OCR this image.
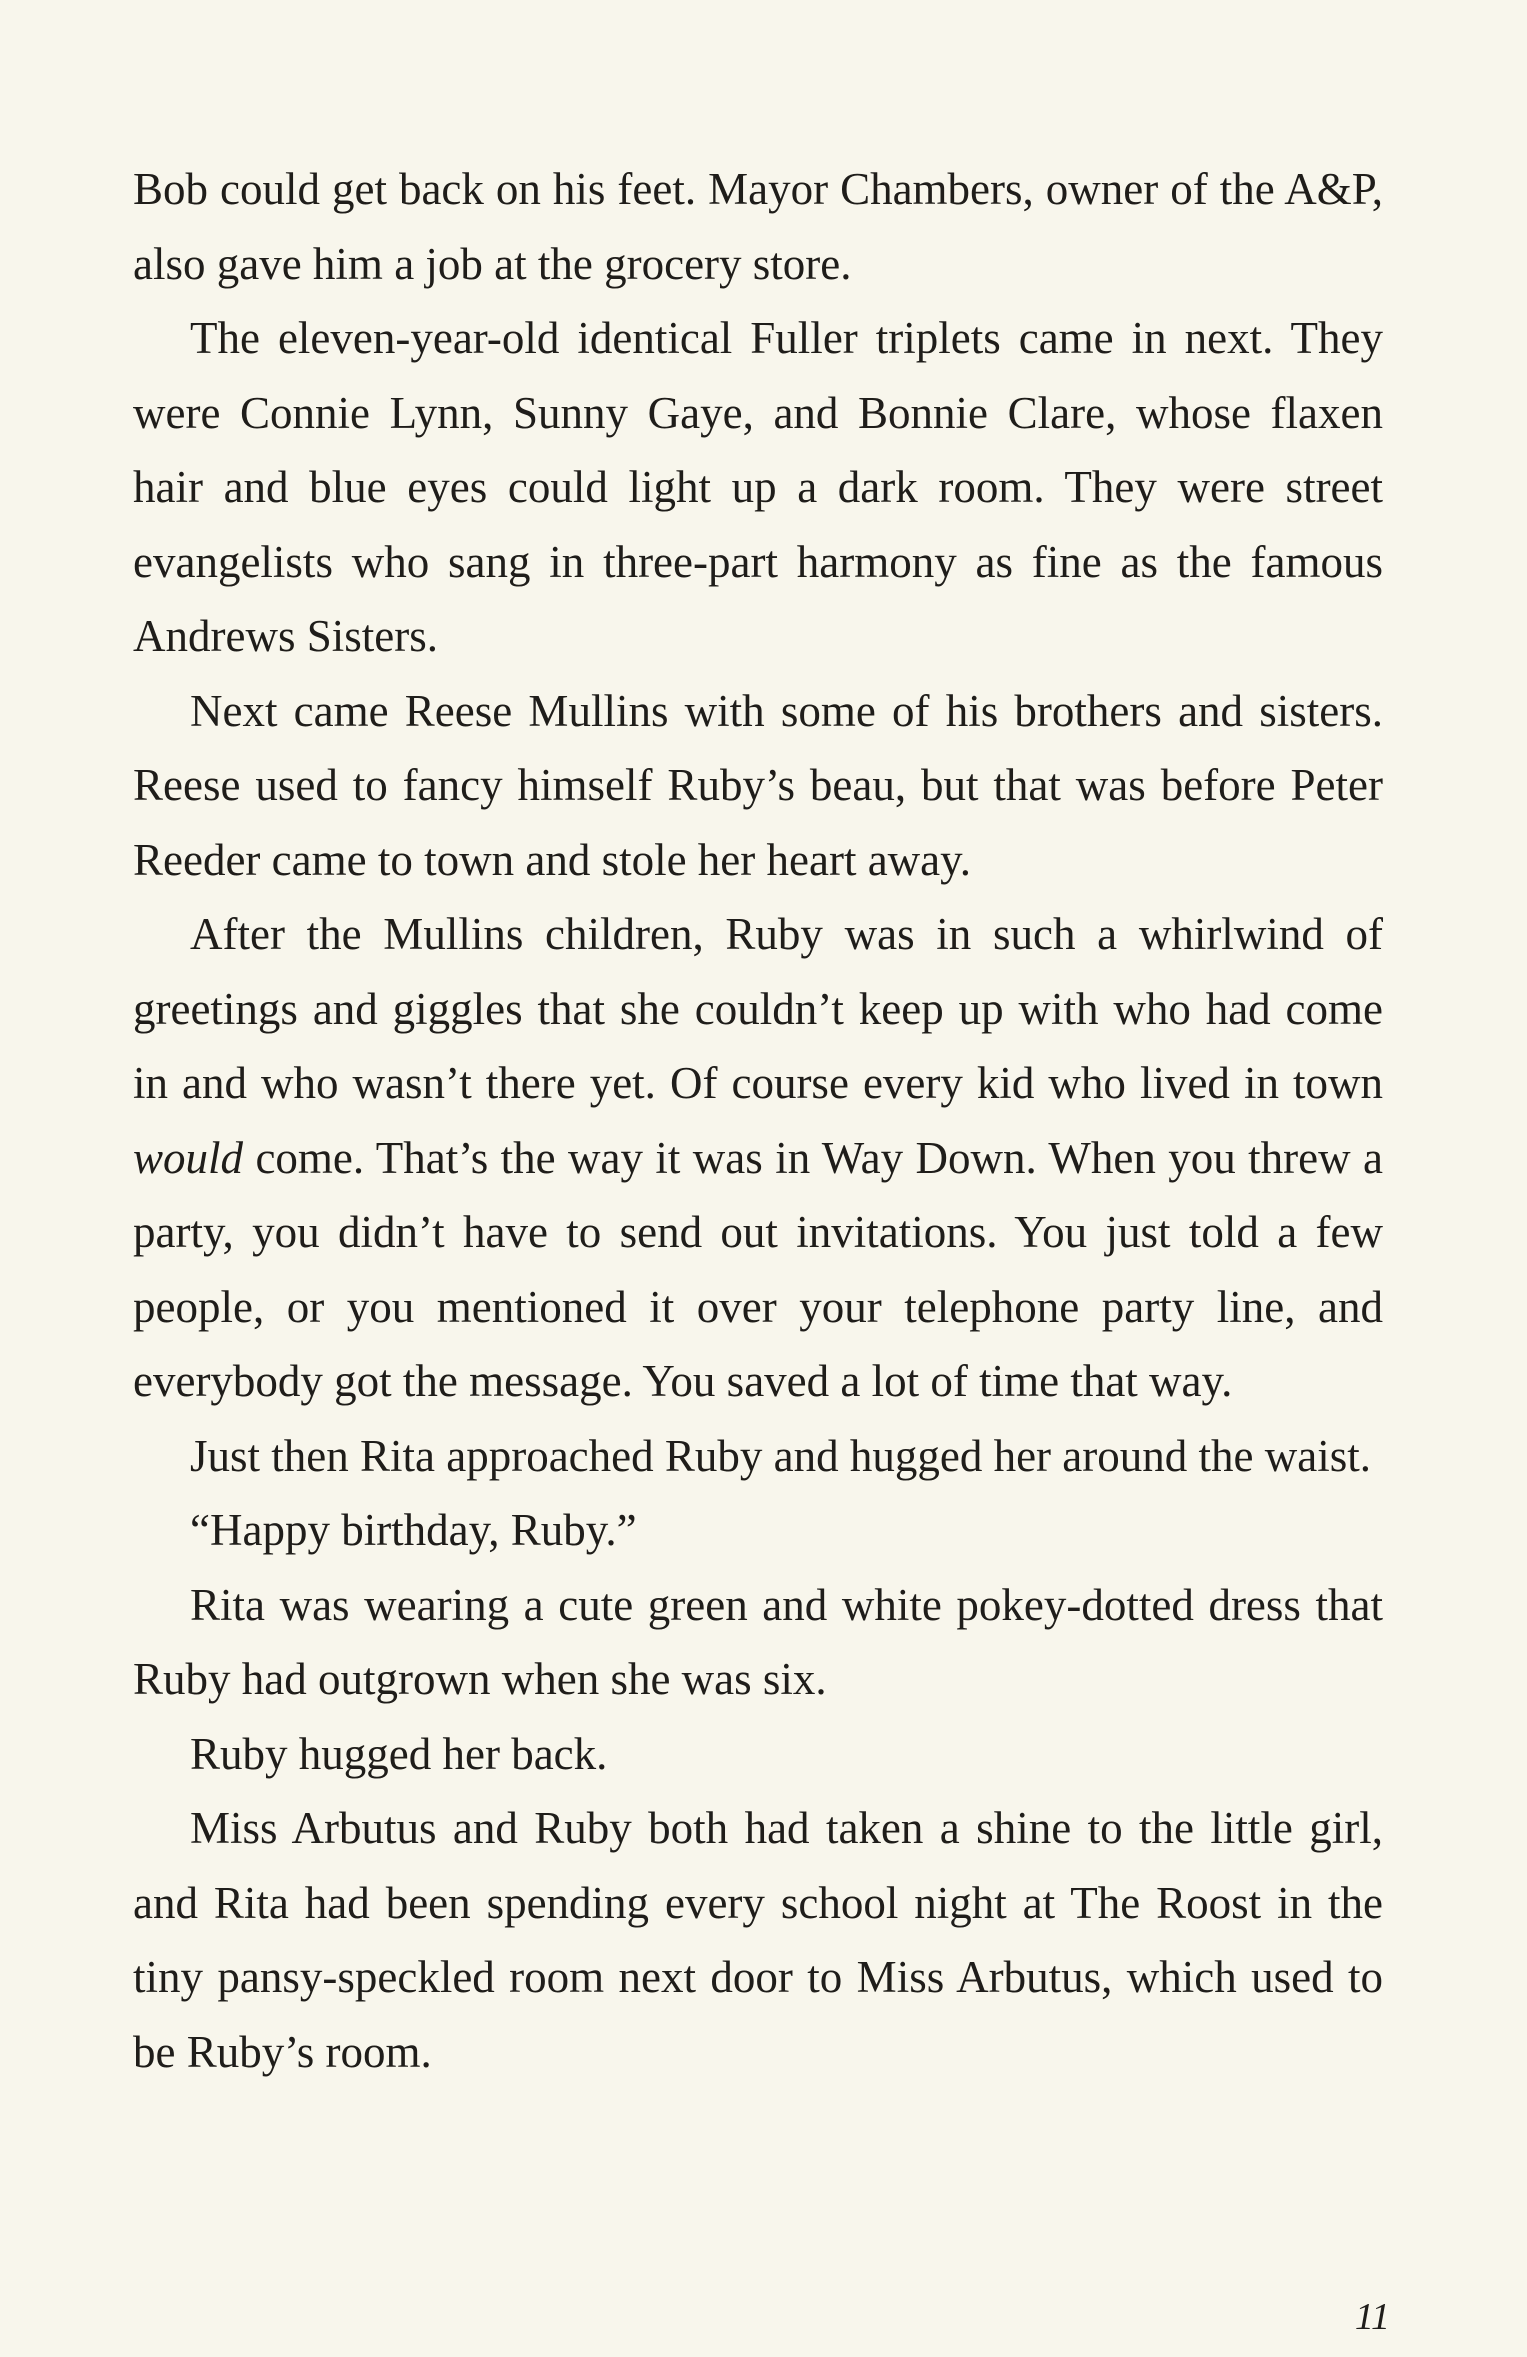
Bob could get back on his feet. Mayor Chambers, owner of the A&P, also gave him a job at the grocery store.

The eleven-year-old identical Fuller triplets came in next. They were Connie Lynn, Sunny Gaye, and Bonnie Clare, whose flaxen hair and blue eyes could light up a dark room. They were street evangelists who sang in three-part harmony as fine as the famous Andrews Sisters.

Next came Reese Mullins with some of his brothers and sisters. Reese used to fancy himself Ruby’s beau, but that was before Peter Reeder came to town and stole her heart away.

After the Mullins children, Ruby was in such a whirlwind of greetings and giggles that she couldn’t keep up with who had come in and who wasn’t there yet. Of course every kid who lived in town would come. That’s the way it was in Way Down. When you threw a party, you didn’t have to send out invitations. You just told a few people, or you mentioned it over your telephone party line, and everybody got the message. You saved a lot of time that way.

Just then Rita approached Ruby and hugged her around the waist.

“Happy birthday, Ruby.”

Rita was wearing a cute green and white pokey-dotted dress that Ruby had outgrown when she was six.

Ruby hugged her back.

Miss Arbutus and Ruby both had taken a shine to the little girl, and Rita had been spending every school night at The Roost in the tiny pansy-speckled room next door to Miss Arbutus, which used to be Ruby’s room.

11
